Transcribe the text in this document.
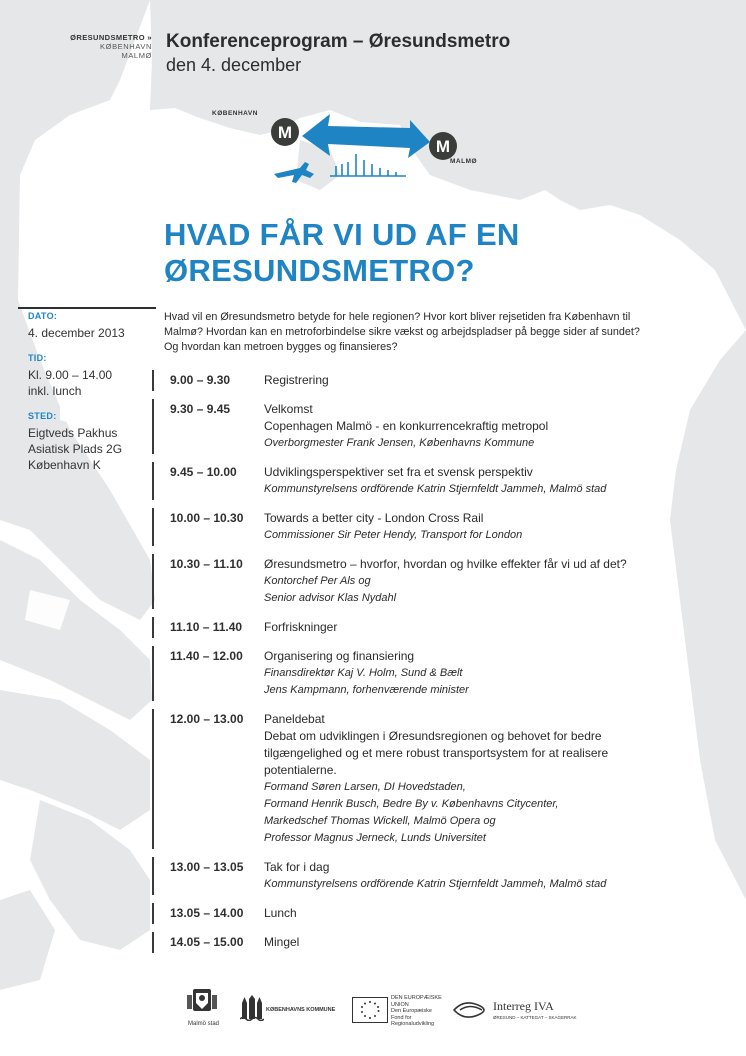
ØRESUNDSMETRO »
KØBENHAVN
MALMØ
Konferenceprogram – Øresundsmetro
den 4. december
M
M
KØBENHAVN
MALMØ
HVAD FÅR VI UD AF EN
ØRESUNDSMETRO?
DATO:
4. december 2013
TID:
Kl. 9.00 – 14.00
inkl. lunch
STED:
Eigtveds Pakhus
Asiatisk Plads 2G
København K
Hvad vil en Øresundsmetro betyde for hele regionen? Hvor kort bliver rejsetiden fra København til Malmø? Hvordan kan en metroforbindelse sikre vækst og arbejdspladser på begge sider af sundet? Og hvordan kan metroen bygges og finansieres?
9.00 – 9.30	Registrering
9.30 – 9.45	Velkomst
Copenhagen Malmö - en konkurrencekraftig metropol
Overborgmester Frank Jensen, Københavns Kommune
9.45 – 10.00	Udviklingsperspektiver set fra et svensk perspektiv
Kommunstyrelsens ordförende Katrin Stjernfeldt Jammeh, Malmö stad
10.00 – 10.30	Towards a better city - London Cross Rail
Commissioner Sir Peter Hendy, Transport for London
10.30 – 11.10	Øresundsmetro – hvorfor, hvordan og hvilke effekter får vi ud af det?
Kontorchef Per Als og
Senior advisor Klas Nydahl
11.10 – 11.40	Forfriskninger
11.40 – 12.00	Organisering og finansiering
Finansdirektør Kaj V. Holm, Sund & Bælt
Jens Kampmann, forhenværende minister
12.00 – 13.00	Paneldebat
Debat om udviklingen i Øresundsregionen og behovet for bedre tilgængelighed og et mere robust transportsystem for at realisere potentialerne.
Formand Søren Larsen, DI Hovedstaden,
Formand Henrik Busch, Bedre By v. Københavns Citycenter,
Markedschef Thomas Wickell, Malmö Opera og
Professor Magnus Jerneck, Lunds Universitet
13.00 – 13.05	Tak for i dag
Kommunstyrelsens ordförende Katrin Stjernfeldt Jammeh, Malmö stad
13.05 – 14.00	Lunch
14.05 – 15.00	Mingel
Malmö stad
KØBENHAVNS KOMMUNE
DEN EUROPÆISKE
UNION
Den Europæiske
Fond for
Regionaludvikling
Interreg IVA
ØRESUND – KATTEGAT – SKAGERRAK
